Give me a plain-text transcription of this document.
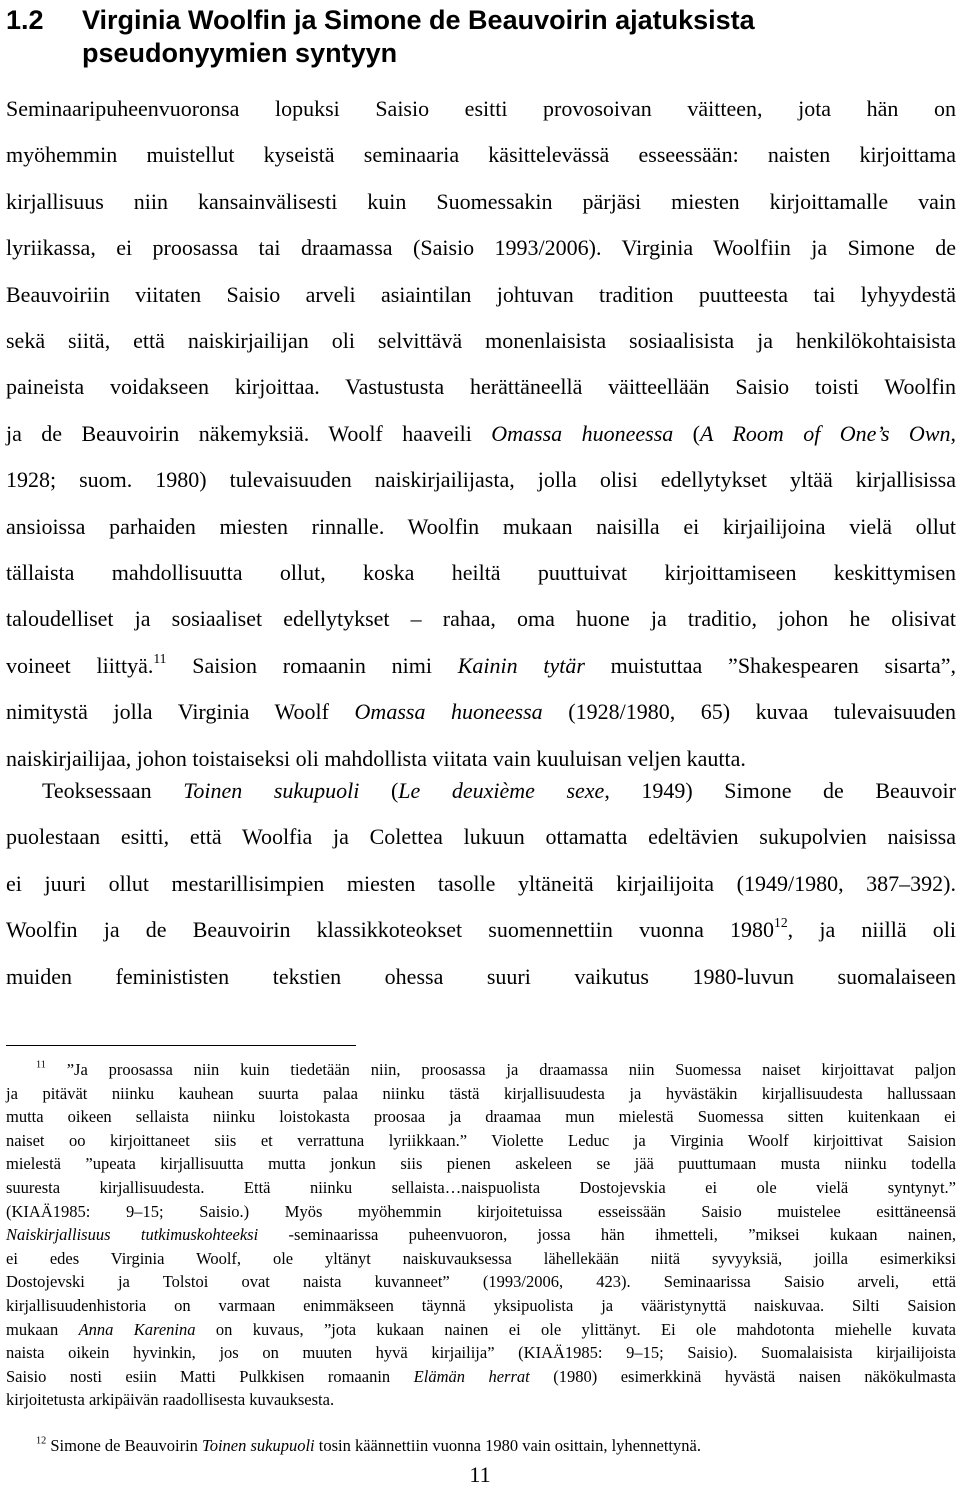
1.2 Virginia Woolfin ja Simone de Beauvoirin ajatuksista
pseudonyymien syntyyn
Seminaaripuheenvuoronsa lopuksi Saisio esitti provosoivan väitteen, jota hän on
myöhemmin muistellut kyseistä seminaaria käsittelevässä esseessään: naisten kirjoittama
kirjallisuus niin kansainvälisesti kuin Suomessakin pärjäsi miesten kirjoittamalle vain
lyriikassa, ei proosassa tai draamassa (Saisio 1993/2006). Virginia Woolfiin ja Simone de
Beauvoiriin viitaten Saisio arveli asiaintilan johtuvan tradition puutteesta tai lyhyydestä
sekä siitä, että naiskirjailijan oli selvittävä monenlaisista sosiaalisista ja henkilökohtaisista
paineista voidakseen kirjoittaa. Vastustusta herättäneellä väitteellään Saisio toisti Woolfin
ja de Beauvoirin näkemyksiä. Woolf haaveili Omassa huoneessa (A Room of One’s Own,
1928; suom. 1980) tulevaisuuden naiskirjailijasta, jolla olisi edellytykset yltää kirjallisissa
ansioissa parhaiden miesten rinnalle. Woolfin mukaan naisilla ei kirjailijoina vielä ollut
tällaista mahdollisuutta ollut, koska heiltä puuttuivat kirjoittamiseen keskittymisen
taloudelliset ja sosiaaliset edellytykset – rahaa, oma huone ja traditio, johon he olisivat
voineet liittyä.$^{11}$ Saision romaanin nimi Kainin tytär muistuttaa ”Shakespearen sisarta”,
nimitystä jolla Virginia Woolf Omassa huoneessa (1928/1980, 65) kuvaa tulevaisuuden
naiskirjailijaa, johon toistaiseksi oli mahdollista viitata vain kuuluisan veljen kautta.
Teoksessaan Toinen sukupuoli (Le deuxième sexe, 1949) Simone de Beauvoir
puolestaan esitti, että Woolfia ja Colettea lukuun ottamatta edeltävien sukupolvien naisissa
ei juuri ollut mestarillisimpien miesten tasolle yltäneitä kirjailijoita (1949/1980, 387–392).
Woolfin ja de Beauvoirin klassikkoteokset suomennettiin vuonna 1980$^{12}$, ja niillä oli
muiden feminististen tekstien ohessa suuri vaikutus 1980-luvun suomalaiseen
$^{11}$ ”Ja proosassa niin kuin tiedetään niin, proosassa ja draamassa niin Suomessa naiset kirjoittavat paljon
ja pitävät niinku kauhean suurta palaa niinku tästä kirjallisuudesta ja hyvästäkin kirjallisuudesta hallussaan
mutta oikeen sellaista niinku loistokasta proosaa ja draamaa mun mielestä Suomessa sitten kuitenkaan ei
naiset oo kirjoittaneet siis et verrattuna lyriikkaan.” Violette Leduc ja Virginia Woolf kirjoittivat Saision
mielestä ”upeata kirjallisuutta mutta jonkun siis pienen askeleen se jää puuttumaan musta niinku todella
suuresta kirjallisuudesta. Että niinku sellaista…naispuolista Dostojevskia ei ole vielä syntynyt.”
(KIAÄ1985: 9–15; Saisio.) Myös myöhemmin kirjoitetuissa esseissään Saisio muistelee esittäneensä
Naiskirjallisuus tutkimuskohteeksi -seminaarissa puheenvuoron, jossa hän ihmetteli, ”miksei kukaan nainen,
ei edes Virginia Woolf, ole yltänyt naiskuvauksessa lähellekään niitä syvyyksiä, joilla esimerkiksi
Dostojevski ja Tolstoi ovat naista kuvanneet” (1993/2006, 423). Seminaarissa Saisio arveli, että
kirjallisuudenhistoria on varmaan enimmäkseen täynnä yksipuolista ja vääristynyttä naiskuvaa. Silti Saision
mukaan Anna Karenina on kuvaus, ”jota kukaan nainen ei ole ylittänyt. Ei ole mahdotonta miehelle kuvata
naista oikein hyvinkin, jos on muuten hyvä kirjailija” (KIAÄ1985: 9–15; Saisio). Suomalaisista kirjailijoista
Saisio nosti esiin Matti Pulkkisen romaanin Elämän herrat (1980) esimerkkinä hyvästä naisen näkökulmasta
kirjoitetusta arkipäivän raadollisesta kuvauksesta.
$^{12}$ Simone de Beauvoirin Toinen sukupuoli tosin käännettiin vuonna 1980 vain osittain, lyhennettynä.
11
